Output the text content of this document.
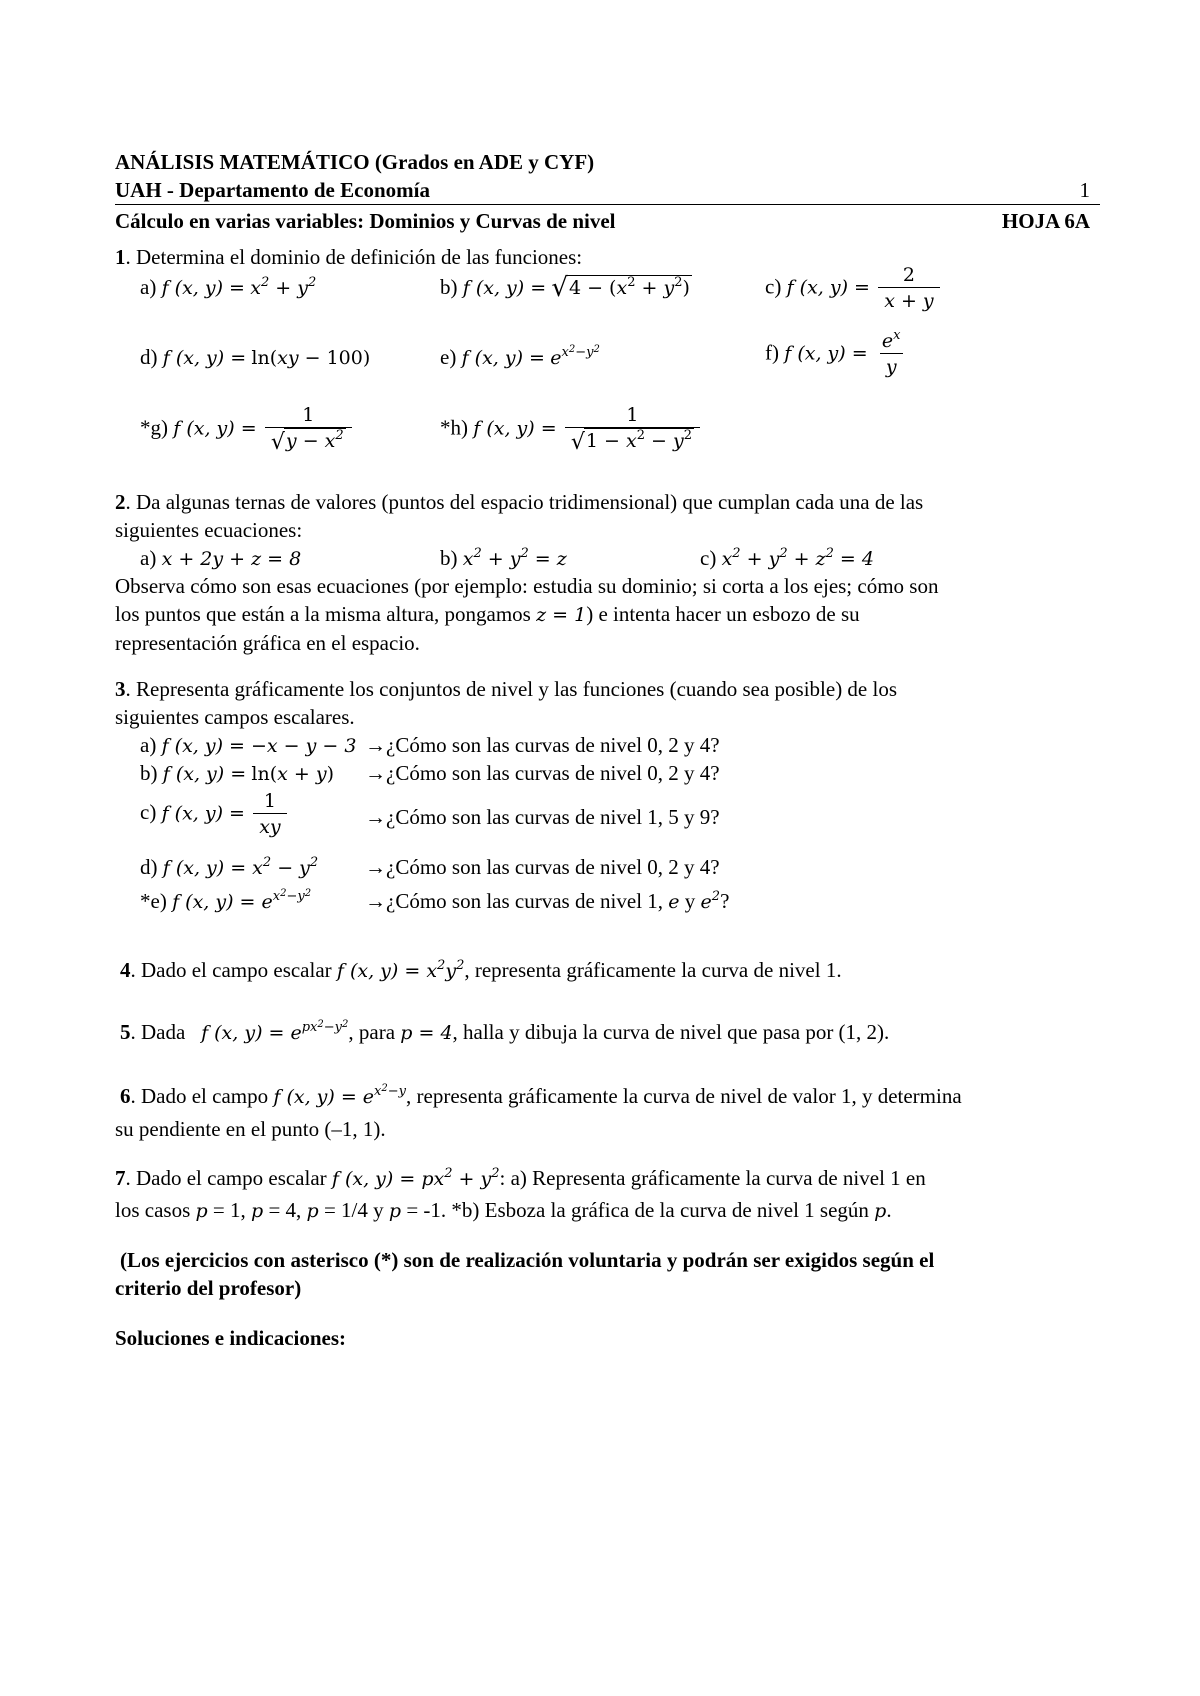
ANÁLISIS MATEMÁTICO (Grados en ADE y CYF)
UAH - Departamento de Economía	1
Cálculo en varias variables: Dominios y Curvas de nivel	HOJA 6A
1. Determina el dominio de definición de las funciones:
a) f (x, $y) = x^2 + y^2$	b) f (x, $y) = √4 - (x^2 + y^2)$	c) f (x, $y) = \frac{2}{x + y}$
d) f (x, y) = ln(xy − 100)	e) f (x, $y) = e^{x^2-y^2}$	f) f (x, $y) = \frac{e^x}{y}$
*g) f (x, $y) = \frac{1}{√y - x^2}$	*h) f (x, $y) = \frac{1}{√1 - x^2 - y^2}$
2. Da algunas ternas de valores (puntos del espacio tridimensional) que cumplan cada una de las
siguientes ecuaciones:
a) x + 2y + z = 8	b) $x^2 + y^2 = z$	c) $x^2 + y^2 + z^2 = 4$
Observa cómo son esas ecuaciones (por ejemplo: estudia su dominio; si corta a los ejes; cómo son
los puntos que están a la misma altura, pongamos z = 1) e intenta hacer un esbozo de su
representación gráfica en el espacio.
3. Representa gráficamente los conjuntos de nivel y las funciones (cuando sea posible) de los
siguientes campos escalares.
a) f (x, y) = −x − y − 3 →¿Cómo son las curvas de nivel 0, 2 y 4?
b) f (x, y) = ln(x + y) →¿Cómo son las curvas de nivel 0, 2 y 4?
c) f (x, $y) = \frac{1}{xy}$	→¿Cómo son las curvas de nivel 1, 5 y 9?
d) f (x, $y) = x^2 - y^2$ →¿Cómo son las curvas de nivel 0, 2 y 4?
*e) f (x, $y) = e^{x^2-y^2}$	→¿Cómo son las curvas de nivel 1, e y $e^2$?
4. Dado el campo escalar f (x, $y) = x^2y^2$, representa gráficamente la curva de nivel 1.
5. Dada f (x, $y) = e^{px^2-y^2}$, para p = 4, halla y dibuja la curva de nivel que pasa por (1, 2).
6. Dado el campo f (x, $y) = e^{x^2-y}$, representa gráficamente la curva de nivel de valor 1, y determina
su pendiente en el punto (–1, 1).
7. Dado el campo escalar f (x, $y) = px^2 + y^2$: a) Representa gráficamente la curva de nivel 1 en
los casos p = 1, p = 4, p = 1/4 y p = -1. *b) Esboza la gráfica de la curva de nivel 1 según p.
(Los ejercicios con asterisco (*) son de realización voluntaria y podrán ser exigidos según el
criterio del profesor)
Soluciones e indicaciones:
